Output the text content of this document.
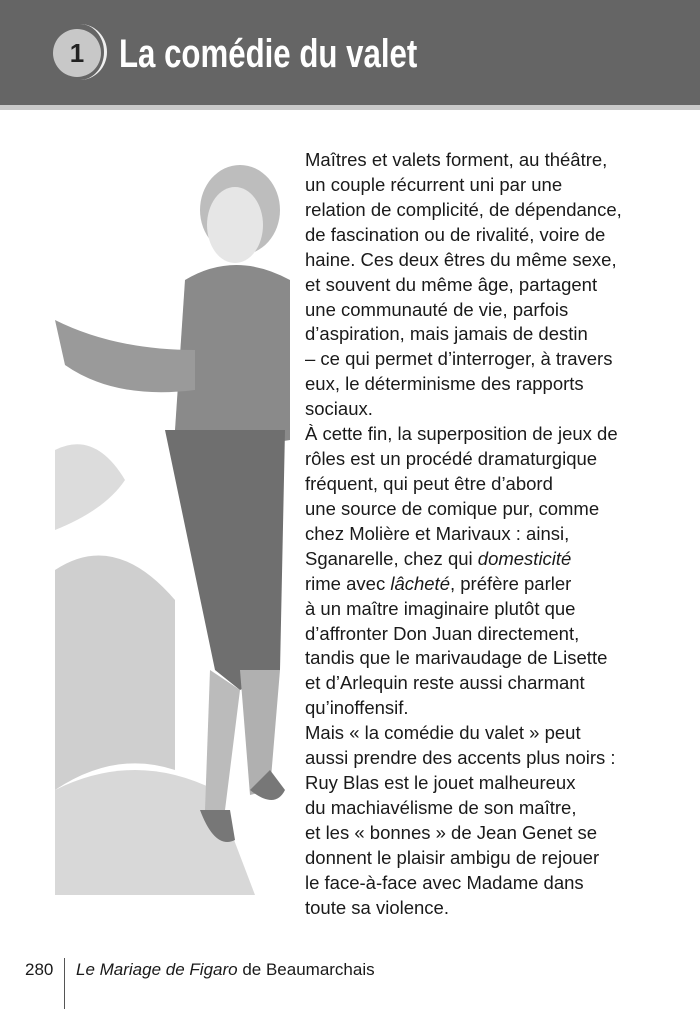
1 La comédie du valet
Maîtres et valets forment, au théâtre,
un couple récurrent uni par une
relation de complicité, de dépendance,
de fascination ou de rivalité, voire de
haine. Ces deux êtres du même sexe,
et souvent du même âge, partagent
une communauté de vie, parfois
d’aspiration, mais jamais de destin
– ce qui permet d’interroger, à travers
eux, le déterminisme des rapports
sociaux.
À cette fin, la superposition de jeux de
rôles est un procédé dramaturgique
fréquent, qui peut être d’abord
une source de comique pur, comme
chez Molière et Marivaux : ainsi,
Sganarelle, chez qui domesticité
rime avec lâcheté, préfère parler
à un maître imaginaire plutôt que
d’affronter Don Juan directement,
tandis que le marivaudage de Lisette
et d’Arlequin reste aussi charmant
qu’inoffensif.
Mais « la comédie du valet » peut
aussi prendre des accents plus noirs :
Ruy Blas est le jouet malheureux
du machiavélisme de son maître,
et les « bonnes » de Jean Genet se
donnent le plaisir ambigu de rejouer
le face-à-face avec Madame dans
toute sa violence.
280 Le Mariage de Figaro de Beaumarchais
